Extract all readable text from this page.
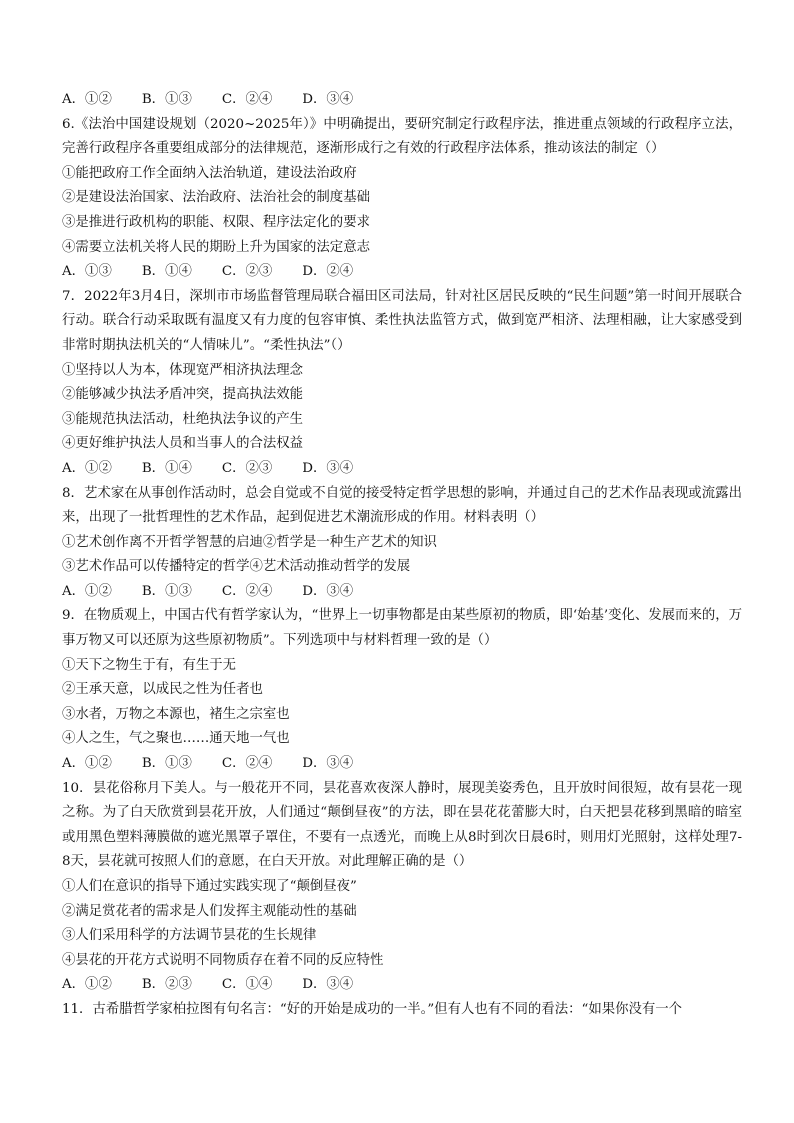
A．①② B．①③ C．②④ D．③④
6.《法治中国建设规划（2020~2025年）》中明确提出，要研究制定行政程序法，推进重点领域的行政程序立法，完善行政程序各重要组成部分的法律规范，逐渐形成行之有效的行政程序法体系，推动该法的制定（）
①能把政府工作全面纳入法治轨道，建设法治政府
②是建设法治国家、法治政府、法治社会的制度基础
③是推进行政机构的职能、权限、程序法定化的要求
④需要立法机关将人民的期盼上升为国家的法定意志
A．①③ B．①④ C．②③ D．②④
7．2022年3月4日，深圳市市场监督管理局联合福田区司法局，针对社区居民反映的“民生问题”第一时间开展联合行动。联合行动采取既有温度又有力度的包容审慎、柔性执法监管方式，做到宽严相济、法理相融，让大家感受到非常时期执法机关的“人情味儿”。“柔性执法”（）
①坚持以人为本，体现宽严相济执法理念
②能够减少执法矛盾冲突，提高执法效能
③能规范执法活动，杜绝执法争议的产生
④更好维护执法人员和当事人的合法权益
A．①② B．①④ C．②③ D．③④
8．艺术家在从事创作活动时，总会自觉或不自觉的接受特定哲学思想的影响，并通过自己的艺术作品表现或流露出来，出现了一批哲理性的艺术作品，起到促进艺术潮流形成的作用。材料表明（）
①艺术创作离不开哲学智慧的启迪②哲学是一种生产艺术的知识
③艺术作品可以传播特定的哲学④艺术活动推动哲学的发展
A．①② B．①③ C．②④ D．③④
9．在物质观上，中国古代有哲学家认为，“世界上一切事物都是由某些原初的物质，即‘始基’变化、发展而来的，万事万物又可以还原为这些原初物质”。下列选项中与材料哲理一致的是（）
①天下之物生于有，有生于无
②王承天意，以成民之性为任者也
③水者，万物之本源也，褚生之宗室也
④人之生，气之聚也……通天地一气也
A．①② B．①③ C．②④ D．③④
10．昙花俗称月下美人。与一般花开不同，昙花喜欢夜深人静时，展现美姿秀色，且开放时间很短，故有昙花一现之称。为了白天欣赏到昙花开放，人们通过“颠倒昼夜”的方法，即在昙花花蕾膨大时，白天把昙花移到黑暗的暗室或用黑色塑料薄膜做的遮光黑罩子罩住，不要有一点透光，而晚上从8时到次日晨6时，则用灯光照射，这样处理7-8天，昙花就可按照人们的意愿，在白天开放。对此理解正确的是（）
①人们在意识的指导下通过实践实现了“颠倒昼夜”
②满足赏花者的需求是人们发挥主观能动性的基础
③人们采用科学的方法调节昙花的生长规律
④昙花的开花方式说明不同物质存在着不同的反应特性
A．①② B．②③ C．①④ D．③④
11．古希腊哲学家柏拉图有句名言：“好的开始是成功的一半。”但有人也有不同的看法：“如果你没有一个
